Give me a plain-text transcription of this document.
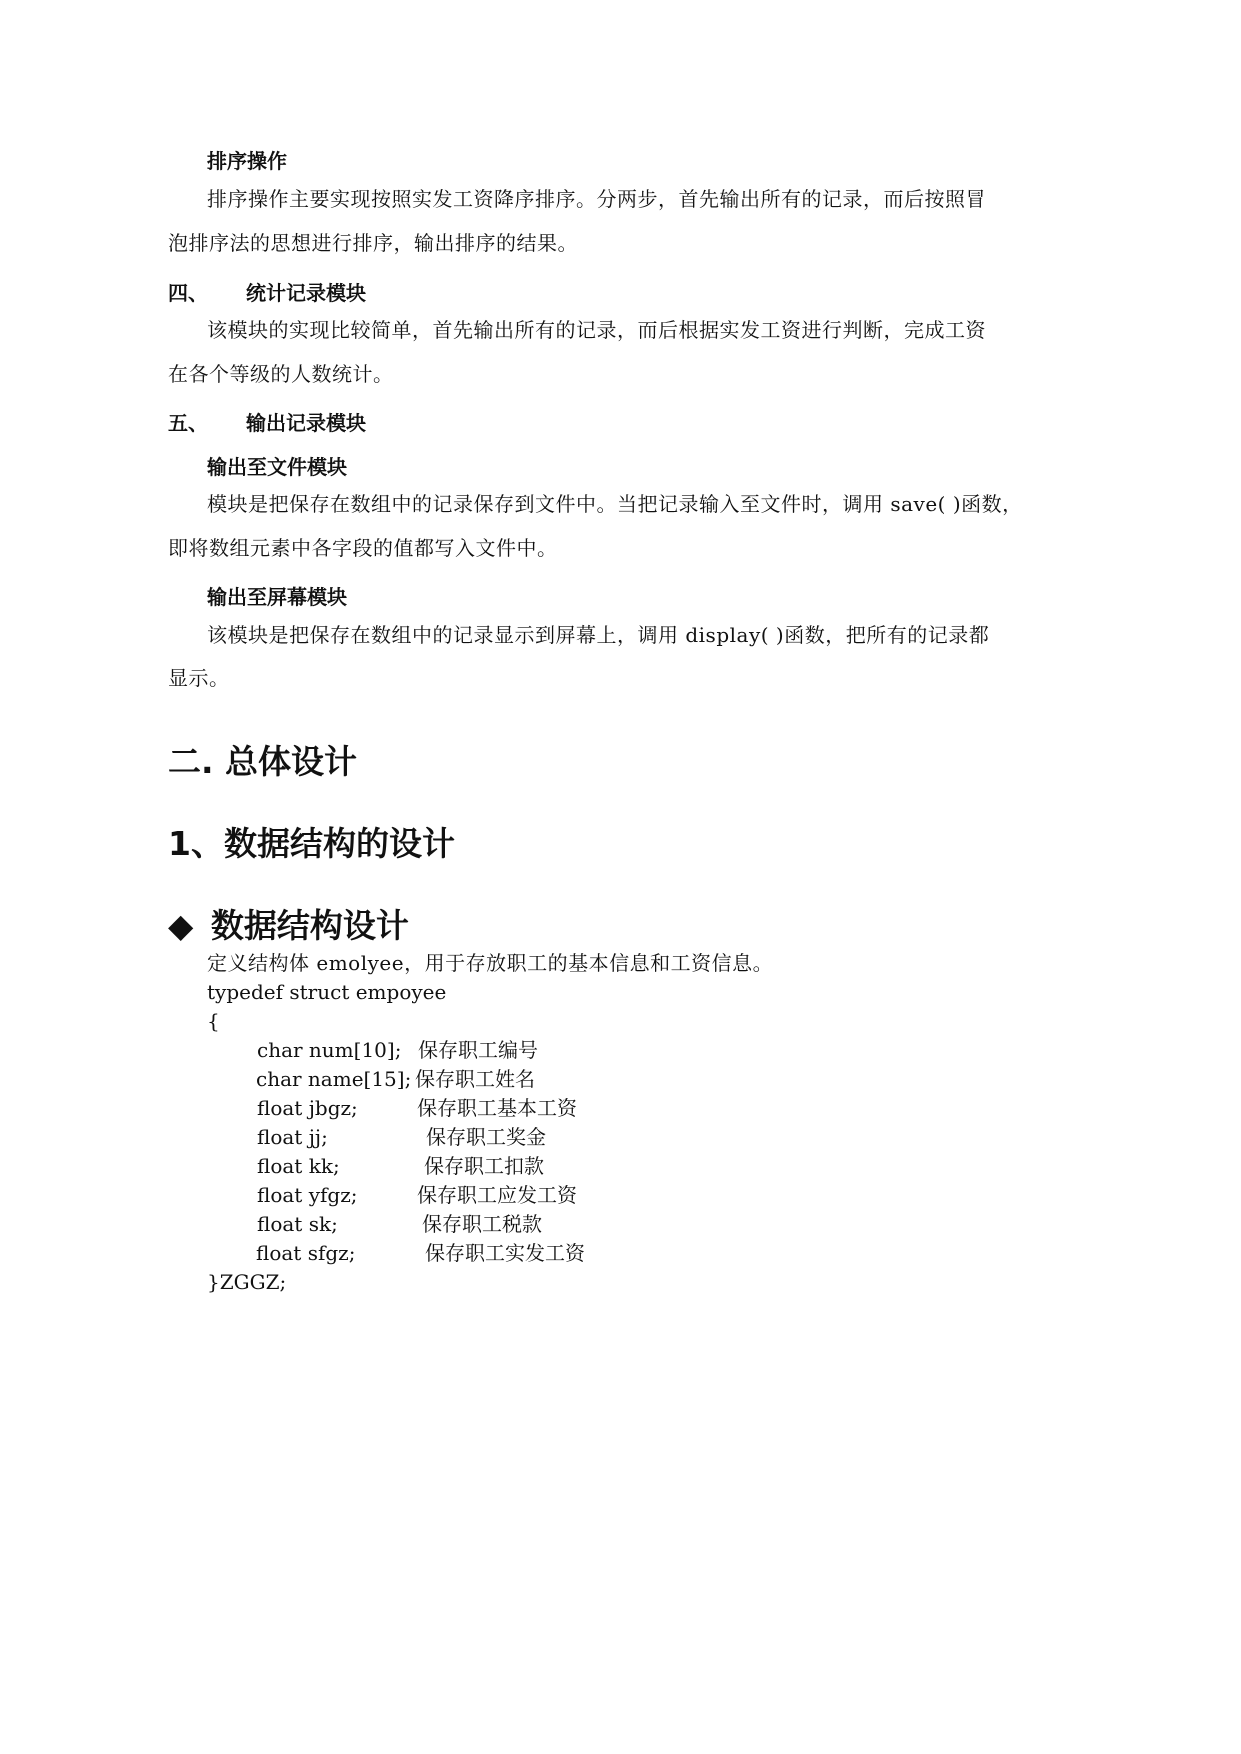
排序操作
排序操作主要实现按照实发工资降序排序。分两步，首先输出所有的记录，而后按照冒
泡排序法的思想进行排序，输出排序的结果。
四、 统计记录模块
该模块的实现比较简单，首先输出所有的记录，而后根据实发工资进行判断，完成工资
在各个等级的人数统计。
五、 输出记录模块
输出至文件模块
模块是把保存在数组中的记录保存到文件中。当把记录输入至文件时，调用 save( )函数，
即将数组元素中各字段的值都写入文件中。
输出至屏幕模块
该模块是把保存在数组中的记录显示到屏幕上，调用 display( )函数，把所有的记录都
显示。
二. 总体设计
1、数据结构的设计
◆ 数据结构设计
定义结构体 emolyee，用于存放职工的基本信息和工资信息。
typedef struct empoyee
{
char num[10]; 保存职工编号
char name[15]; 保存职工姓名
float jbgz;	保存职工基本工资
float jj;	保存职工奖金
float kk;	保存职工扣款
float yfgz;	保存职工应发工资
float sk;	保存职工税款
float sfgz;	保存职工实发工资
}ZGGZ;
